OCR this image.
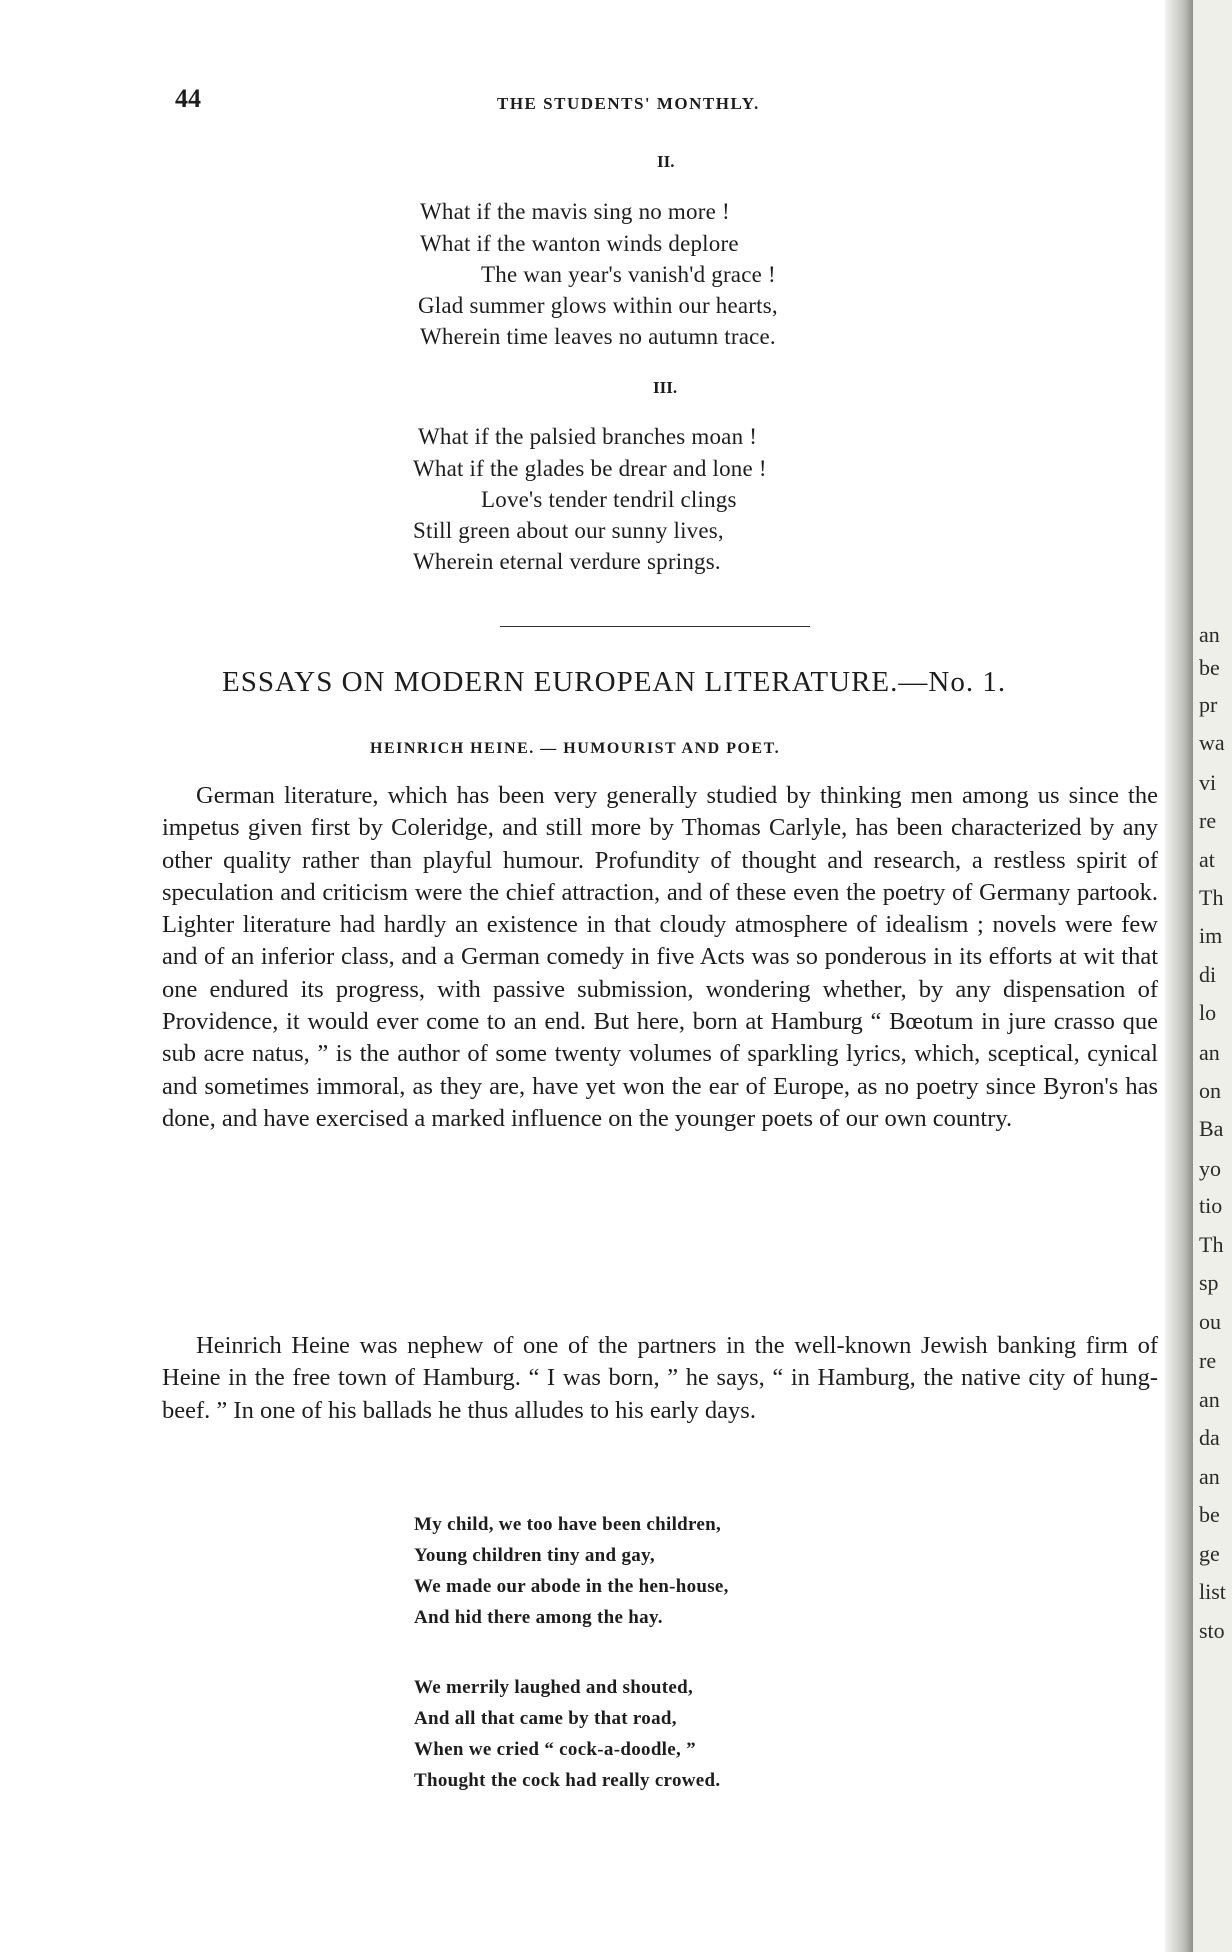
44	THE STUDENTS' MONTHLY.
II.
What if the mavis sing no more !
What if the wanton winds deplore
The wan year's vanish'd grace !
Glad summer glows within our hearts,
Wherein time leaves no autumn trace.
III.
What if the palsied branches moan !
What if the glades be drear and lone !
Love's tender tendril clings
Still green about our sunny lives,
Wherein eternal verdure springs.
ESSAYS ON MODERN EUROPEAN LITERATURE.—No. 1.
HEINRICH HEINE. — HUMOURIST AND POET.

German literature, which has been very generally studied by thinking men among us since the impetus given first by Coleridge, and still more by Thomas Carlyle, has been characterized by any other quality rather than playful humour. Profundity of thought and research, a restless spirit of speculation and criticism were the chief attraction, and of these even the poetry of Germany partook. Lighter literature had hardly an existence in that cloudy atmosphere of idealism ; novels were few and of an inferior class, and a German comedy in five Acts was so ponderous in its efforts at wit that one endured its progress, with passive submission, wondering whether, by any dispensation of Providence, it would ever come to an end. But here, born at Hamburg “ Bœotum in jure crasso que sub acre natus, ” is the author of some twenty volumes of sparkling lyrics, which, sceptical, cynical and sometimes immoral, as they are, have yet won the ear of Europe, as no poetry since Byron's has done, and have exercised a marked influence on the younger poets of our own country.

Heinrich Heine was nephew of one of the partners in the well-known Jewish banking firm of Heine in the free town of Hamburg. “ I was born, ” he says, “ in Hamburg, the native city of hung-beef. ” In one of his ballads he thus alludes to his early days.

My child, we too have been children,
Young children tiny and gay,
We made our abode in the hen-house,
And hid there among the hay.
We merrily laughed and shouted,
And all that came by that road,
When we cried “ cock-a-doodle, ”
Thought the cock had really crowed.
an
be
pr
wa
vi
re
at
Th
im
di
lo
an
on
Ba
yo
tio
Th
sp
ou
re
an
da
an
be
ge
list
sto
